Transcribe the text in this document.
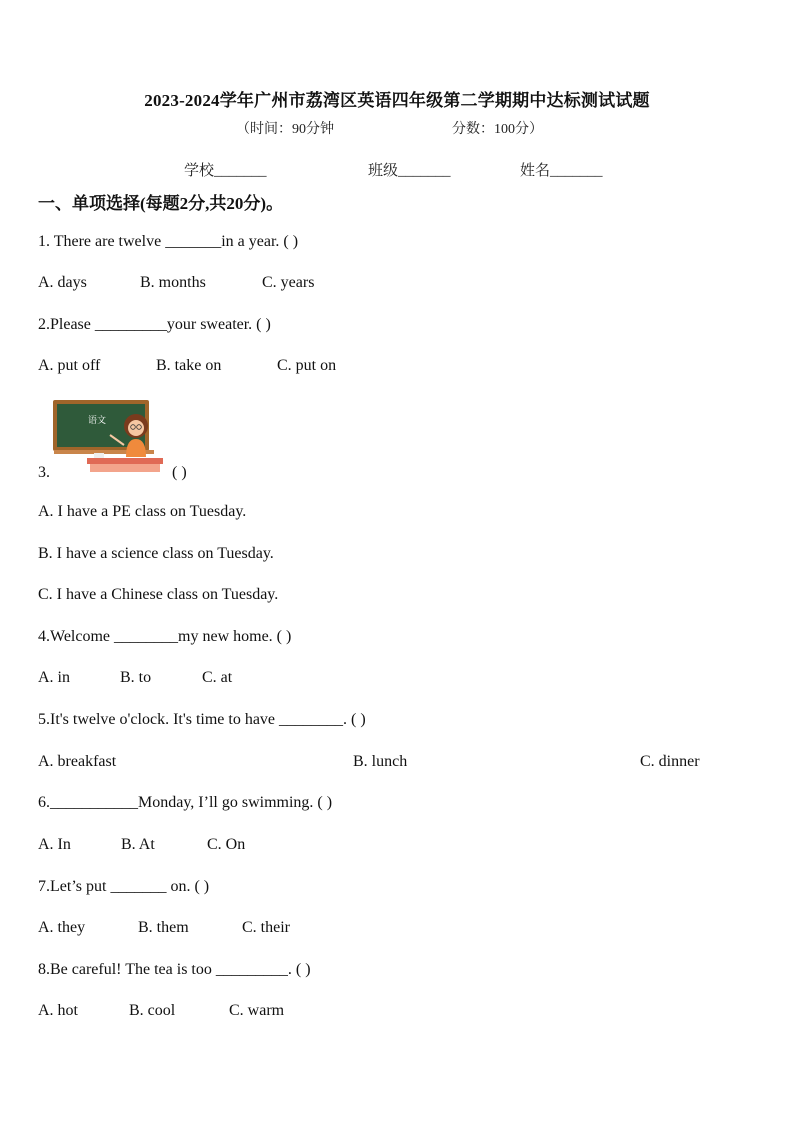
2023-2024学年广州市荔湾区英语四年级第二学期期中达标测试试题
（时间：90分钟	分数：100分）
学校_______	班级_______	姓名_______
一、单项选择(每题2分,共20分)。
1. There are twelve _______in a year. ( )
A. days	B. months	C. years
2.Please _________your sweater. ( )
A. put off	B. take on	C. put on
语文
3.	( )
A. I have a PE class on Tuesday.
B. I have a science class on Tuesday.
C. I have a Chinese class on Tuesday.
4.Welcome ________my new home. ( )
A. in	B. to	C. at
5.It's twelve o'clock. It's time to have ________. ( )
A. breakfast	B. lunch	C. dinner
6.___________Monday, I’ll go swimming. ( )
A. In	B. At	C. On
7.Let’s put _______ on. ( )
A. they	B. them	C. their
8.Be careful! The tea is too _________. ( )
A. hot	B. cool	C. warm
